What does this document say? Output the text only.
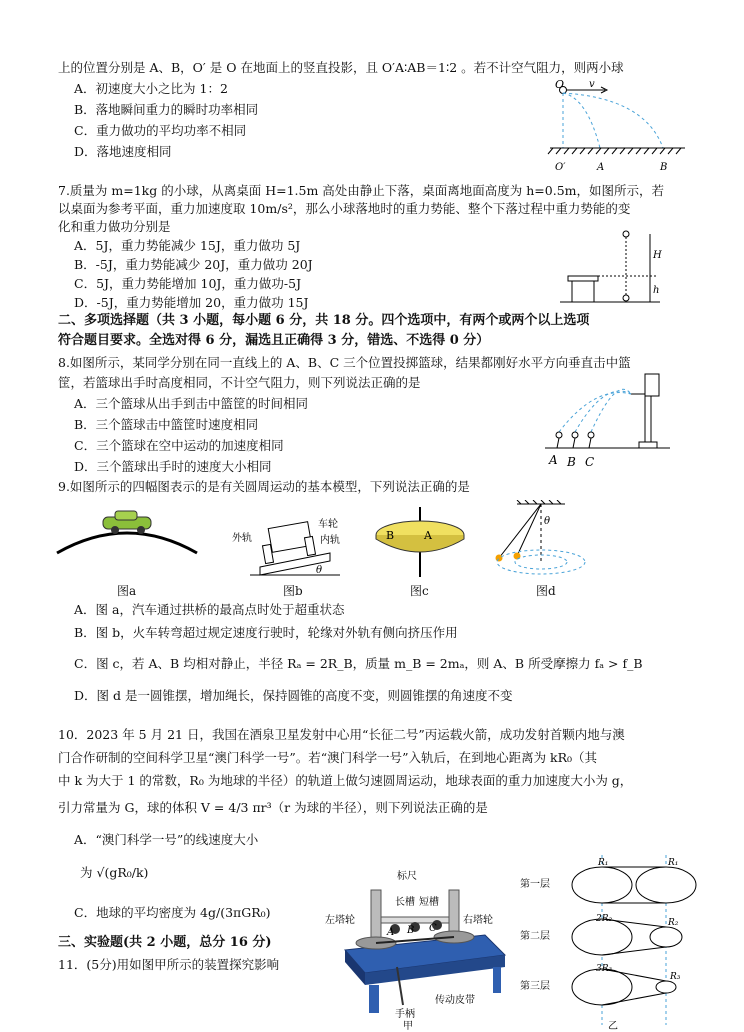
上的位置分别是 A、B，O′ 是 O 在地面上的竖直投影，且 O′A∶AB＝1∶2 。若不计空气阻力，则两小球
A．初速度大小之比为 1：2
B．落地瞬间重力的瞬时功率相同
C．重力做功的平均功率不相同
D．落地速度相同
O v
O′	A	B
7.质量为 m=1kg 的小球，从离桌面 H=1.5m 高处由静止下落，桌面离地面高度为 h=0.5m，如图所示，若
以桌面为参考平面，重力加速度取 10m/s²，那么小球落地时的重力势能、整个下落过程中重力势能的变
化和重力做功分别是
A．5J，重力势能减少 15J，重力做功 5J
B．-5J，重力势能减少 20J，重力做功 20J
C．5J，重力势能增加 10J，重力做功-5J
D．-5J，重力势能增加 20，重力做功 15J
H
h
二、多项选择题（共 3 小题，每小题 6 分，共 18 分。四个选项中，有两个或两个以上选项
符合题目要求。全选对得 6 分，漏选且正确得 3 分，错选、不选得 0 分）
8.如图所示，某同学分别在同一直线上的 A、B、C 三个位置投掷篮球，结果都刚好水平方向垂直击中篮
筐，若篮球出手时高度相同，不计空气阻力，则下列说法正确的是
A．三个篮球从出手到击中篮筐的时间相同
B．三个篮球击中篮筐时速度相同
C．三个篮球在空中运动的加速度相同
D．三个篮球出手时的速度大小相同	A B C
9.如图所示的四幅图表示的是有关圆周运动的基本模型，下列说法正确的是
图a
外轨
车轮
内轨
θ
图b
B	A
图c
θ
图d
A．图 a，汽车通过拱桥的最高点时处于超重状态
B．图 b，火车转弯超过规定速度行驶时，轮缘对外轨有侧向挤压作用
C．图 c，若 A、B 均相对静止，半径 Rₐ = 2R_B，质量 m_B = 2mₐ，则 A、B 所受摩擦力 fₐ > f_B
D．图 d 是一圆锥摆，增加绳长，保持圆锥的高度不变，则圆锥摆的角速度不变
10．2023 年 5 月 21 日，我国在酒泉卫星发射中心用“长征二号”丙运载火箭，成功发射首颗内地与澳
门合作研制的空间科学卫星“澳门科学一号”。若“澳门科学一号”入轨后，在到地心距离为 kR₀（其
中 k 为大于 1 的常数，R₀ 为地球的半径）的轨道上做匀速圆周运动，地球表面的重力加速度大小为 g，
引力常量为 G，球的体积 V = 4/3 πr³（r 为球的半径），则下列说法正确的是
A．“澳门科学一号”的线速度大小
为 √(gR₀/k)
C．地球的平均密度为 4g/(3πGR₀)
三、实验题(共 2 小题，总分 16 分)
11．(5分)用如图甲所示的装置探究影响
标尺
长槽 短槽
左塔轮	右塔轮
A B C
手柄
传动皮带
甲
第一层
第二层
第三层
R₁	R₁
2R₂	R₂
3R₃
R₃
乙
